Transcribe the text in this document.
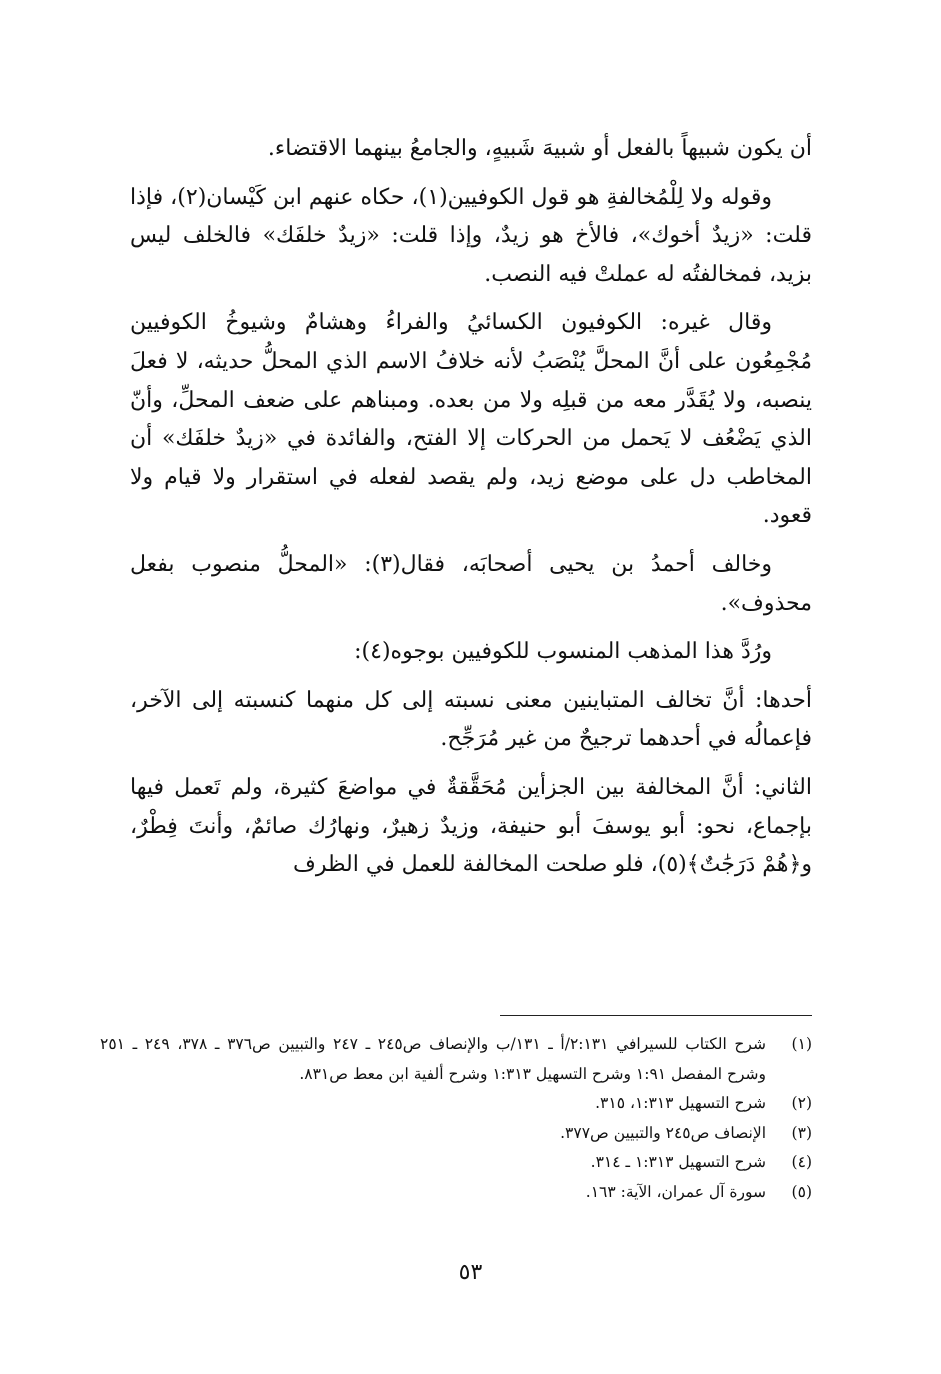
أن يكون شبيهاً بالفعل أو شبيهَ شَبيهٍ، والجامعُ بينهما الاقتضاء.

وقوله ولا لِلْمُخالفةِ هو قول الكوفيين(١)، حكاه عنهم ابن كَيْسان(٢)، فإذا قلت: «زيدٌ أخوك»، فالأخ هو زيدٌ، وإذا قلت: «زيدٌ خلفَك» فالخلف ليس بزيد، فمخالفتُه له عملتْ فيه النصب.

وقال غيره: الكوفيون الكسائيُ والفراءُ وهشامٌ وشيوخُ الكوفيين مُجْمِعُون على أنَّ المحلَّ يُنْصَبُ لأنه خلافُ الاسم الذي المحلُّ حديثه، لا فعلَ ينصبه، ولا يُقَدَّر معه من قبلِه ولا من بعده. ومبناهم على ضعف المحلِّ، وأنّ الذي يَضْعُف لا يَحمل من الحركات إلا الفتح، والفائدة في «زيدٌ خلفَك» أن المخاطب دل على موضع زيد، ولم يقصد لفعله في استقرار ولا قيام ولا قعود.

وخالف أحمدُ بن يحيى أصحابَه، فقال(٣): «المحلُّ منصوب بفعل محذوف».

ورُدَّ هذا المذهب المنسوب للكوفيين بوجوه(٤):

أحدها: أنَّ تخالف المتباينين معنى نسبته إلى كل منهما كنسبته إلى الآخر، فإعمالُه في أحدهما ترجيحٌ من غير مُرَجِّح.

الثاني: أنَّ المخالفة بين الجزأين مُحَقَّقةٌ في مواضعَ كثيرة، ولم تَعمل فيها بإجماع، نحو: أبو يوسفَ أبو حنيفة، وزيدٌ زهيرٌ، ونهارُك صائمٌ، وأنتَ فِطْرٌ، و﴿هُمْ دَرَجَٰتٌ﴾(٥)، فلو صلحت المخالفة للعمل في الظرف

(١)
شرح الكتاب للسيرافي ٢:١٣١/أ ـ ١٣١/ب والإنصاف ص٢٤٥ ـ ٢٤٧ والتبيين ص٣٧٦ ـ ٣٧٨، ٢٤٩ ـ ٢٥١ وشرح المفصل ١:٩١ وشرح التسهيل ١:٣١٣ وشرح ألفية ابن معط ص٨٣١.
(٢)
شرح التسهيل ١:٣١٣، ٣١٥.
(٣)
الإنصاف ص٢٤٥ والتبيين ص٣٧٧.
(٤)
شرح التسهيل ١:٣١٣ ـ ٣١٤.
(٥)
سورة آل عمران، الآية: ١٦٣.
٥٣
